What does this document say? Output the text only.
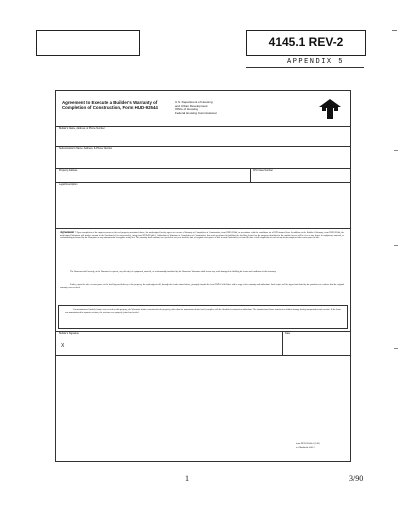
4145.1 REV-2
APPENDIX 5
Agreement to Execute a Builder's Warranty of Completion of Construction, Form HUD-92544
U.S. Department of Housing
and Urban Development
Office of Housing
Federal Housing Commissioner
Builder's Name, Address, & Phone Number
Subcontractor's Name, Address, & Phone Number
Property Address	FHA Case Number
Legal Description
Agreement : Upon completion of the improvements on the real property mentioned above, the undersigned hereby agrees to execute a Warranty of Completion of Construction, form HUD-92544, in accordance with the conditions for a HUD-insured loan. In addition to the Builder's Warranty, form HUD-92544, the undersigned Warrantor will further warrant to the Purchaser(s) (or successor(s)), using form HUD-92544-A, Addendum to Warranty of Completion of Construction, that work performed in building the dwelling located on the property identified in the caption hereof will be free of any defect in equipment, material, or workmanship performed by the Warrantor or any subcontractor or supplier at any tier. The warranty shall continue for a period of one year from the date of original conveyance of title to such Purchaser(s) or from the date of full completion of each of any items completed after conveyance of title.
The Warrantor shall remedy, at the Warrantor's expense, any defect(s) of equipment, material, or workmanship furnished by the Warrantor. Warrantor shall restore any work damaged in fulfilling the terms and conditions of this warranty.
Further, upon the sale or conveyance of the dwelling and delivery of the property, the undersigned will, through the lender named above, promptly furnish the local HUD Field Office with a copy of the warranty and addendum. Such copies will be signed and dated by the purchaser to evidence that the original warranty was received.
If a manufactured (mobile) home was erected on this property, the Warrantor further warrants that the property (other than the manufactured unit itself) complies with the identified construction addendum. The manufactured home sustained no hidden damage during transportation and erection. If the home was manufactured in separate sections, the sections were properly joined and sealed.
Builder's Signature
X
Date
form HUD-92544-A (1/83)
ref Handbook 4145.1
1	3/90
